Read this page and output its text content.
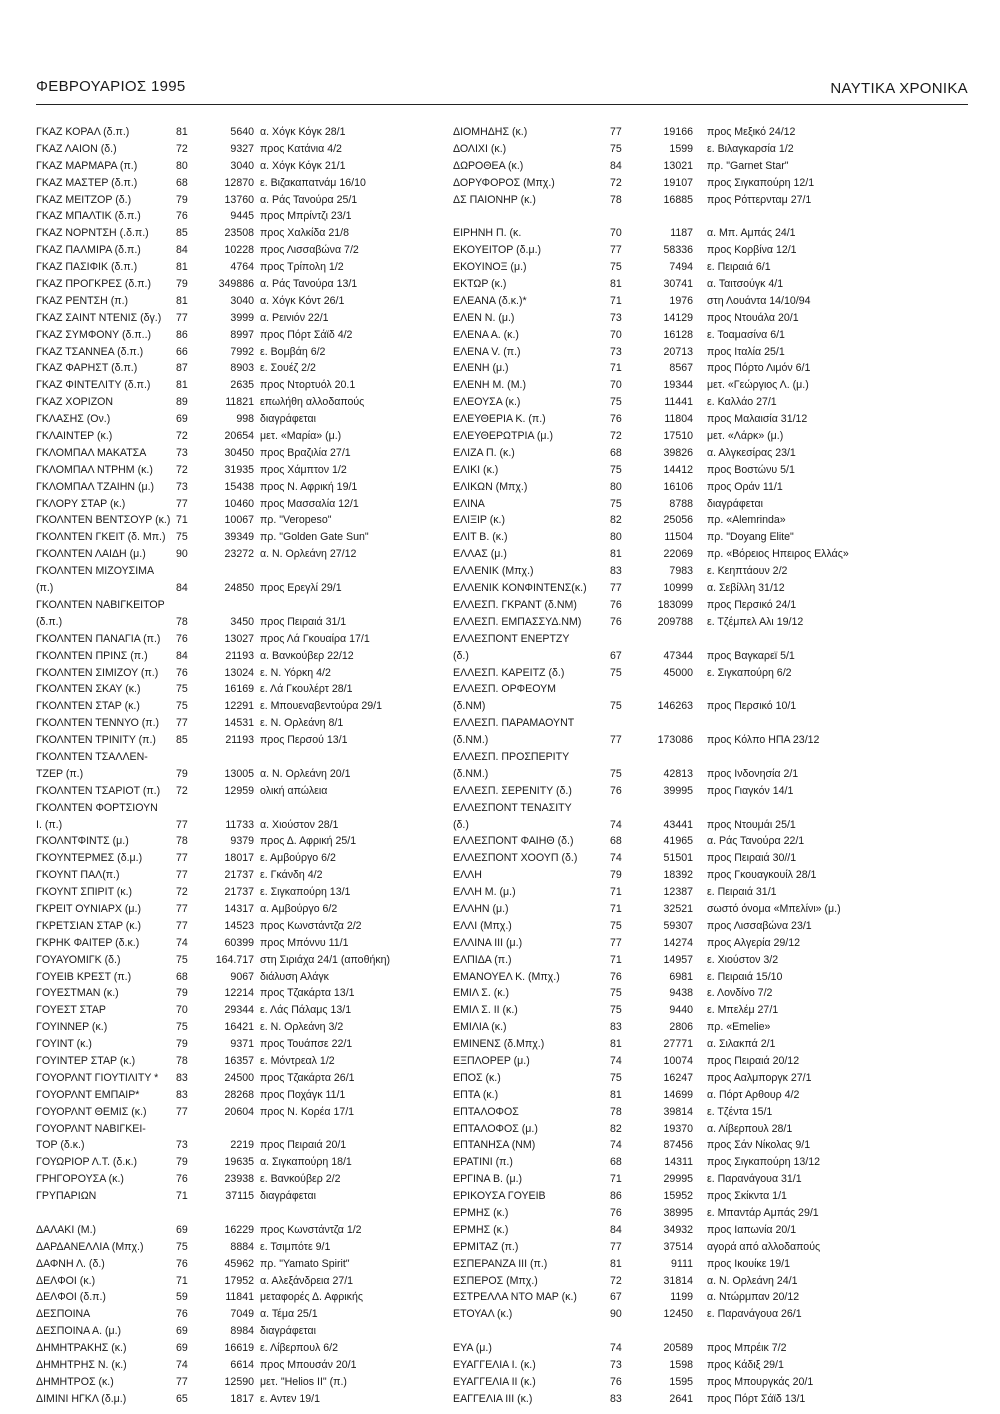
ΦΕΒΡΟΥΑΡΙΟΣ 1995	ΝΑΥΤΙΚΑ ΧΡΟΝΙΚΑ
ΓΚΑΖ ΚΟΡΑΛ (δ.π.)	81	5640 α. Χόγκ Κόγκ 28/1
ΓΚΑΖ ΛΑΙΟΝ (δ.)	72	9327 προς Κατάνια 4/2
ΓΚΑΖ ΜΑΡΜΑΡΑ (π.)	80	3040 α. Χόγκ Κόγκ 21/1
ΓΚΑΖ ΜΑΣΤΕΡ (δ.π.)	68	12870 ε. Βιζακαπατνάμ 16/10
ΓΚΑΖ ΜΕΙΤΖΟΡ (δ.)	79	13760 α. Ράς Τανούρα 25/1
ΓΚΑΖ ΜΠΑΛΤΙΚ (δ.π.)	76	9445 προς Μπρίντζι 23/1
ΓΚΑΖ ΝΟΡΝΤΣΗ (.δ.π.)	85	23508 προς Χαλκίδα 21/8
ΓΚΑΖ ΠΑΛΜΙΡΑ (δ.π.)	84	10228 προς Λισσαβώνα 7/2
ΓΚΑΖ ΠΑΣΙΦΙΚ (δ.π.)	81	4764 προς Τρίπολη 1/2
ΓΚΑΖ ΠΡΟΓΚΡΕΣ (δ.π.) 79	349886 α. Ράς Τανούρα 13/1
ΓΚΑΖ ΡΕΝΤΣΗ (π.)	81	3040 α. Χόγκ Κόντ 26/1
ΓΚΑΖ ΣΑΙΝΤ ΝΤΕΝΙΣ (δγ.) 77	3999 α. Ρεινιόν 22/1
ΓΚΑΖ ΣΥΜΦΟΝΥ (δ.π..) 86	8997 προς Πόρτ Σάϊδ 4/2
ΓΚΑΖ ΤΣΑΝΝΕΑ (δ.π.)	66	7992 ε. Βομβάη 6/2
ΓΚΑΖ ΦΑΡΗΣΤ (δ.π.)	87	8903 ε. Σουέζ 2/2
ΓΚΑΖ ΦΙΝΤΕΛΙΤΥ (δ.π.) 81	2635 προς Ντορτυόλ 20.1
ΓΚΑΖ ΧΟΡΙΖΟΝ	89	11821 επωλήθη αλλοδαπούς
ΓΚΛΑΣΗΣ (Ον.)	69	998 διαγράφεται
ΓΚΛΑΙΝΤΕΡ (κ.)	72	20654 μετ. «Μαρία» (μ.)
ΓΚΛΟΜΠΑΛ ΜΑΚΑΤΣΑ	73	30450 προς Βραζιλία 27/1
ΓΚΛΟΜΠΑΛ ΝΤΡΗΜ (κ.) 72	31935 προς Χάμπτον 1/2
ΓΚΛΟΜΠΑΛ ΤΖΑΙΗΝ (μ.) 73	15438 προς Ν. Αφρική 19/1
ΓΚΛΟΡΥ ΣΤΑΡ (κ.)	77	10460 προς Μασσαλία 12/1
ΓΚΟΛΝΤΕΝ ΒΕΝΤΣΟΥΡ (κ.) 71	10067 πρ. "Veropeso"
ΓΚΟΛΝΤΕΝ ΓΚΕΙΤ (δ. Μπ.) 75	39349 πρ. "Golden Gate Sun"
ΓΚΟΛΝΤΕΝ ΛΑΙΔΗ (μ.)	90	23272 α. Ν. Ορλεάνη 27/12
ΓΚΟΛΝΤΕΝ ΜΙΖΟΥΣΙΜΑ
(π.)	84	24850 προς Ερεγλί 29/1
ΓΚΟΛΝΤΕΝ ΝΑΒΙΓΚΕΙΤΟΡ
(δ.π.)	78	3450 προς Πειραιά 31/1
ΓΚΟΛΝΤΕΝ ΠΑΝΑΓΙΑ (π.) 76	13027 προς Λά Γκουαίρα 17/1
ΓΚΟΛΝΤΕΝ ΠΡΙΝΣ (π.)	84	21193 α. Βανκούβερ 22/12
ΓΚΟΛΝΤΕΝ ΣΙΜΙΖΟΥ (π.) 76	13024 ε. Ν. Υόρκη 4/2
ΓΚΟΛΝΤΕΝ ΣΚΑΥ (κ.)	75	16169 ε. Λά Γκουλέρτ 28/1
ΓΚΟΛΝΤΕΝ ΣΤΑΡ (κ.)	75	12291 ε. Μπουεναβεντούρα 29/1
ΓΚΟΛΝΤΕΝ ΤΕΝΝΥΟ (π.) 77	14531 ε. Ν. Ορλεάνη 8/1
ΓΚΟΛΝΤΕΝ ΤΡΙΝΙΤΥ (π.) 85	21193 προς Περσού 13/1
ΓΚΟΛΝΤΕΝ ΤΣΑΛΛΕΝ-
ΤΖΕΡ (π.)	79	13005 α. Ν. Ορλεάνη 20/1
ΓΚΟΛΝΤΕΝ ΤΣΑΡΙΟΤ (π.) 72	12959 ολική απώλεια
ΓΚΟΛΝΤΕΝ ΦΟΡΤΣΙΟΥΝ
Ι. (π.)	77	11733 α. Χιούστον 28/1
ΓΚΟΛΝΤΦΙΝΤΣ (μ.)	78	9379 προς Δ. Αφρική 25/1
ΓΚΟΥΝΤΕΡΜΕΣ (δ.μ.)	77	18017 ε. Αμβούργο 6/2
ΓΚΟΥΝΤ ΠΑΛ(π.)	77	21737 ε. Γκάνδη 4/2
ΓΚΟΥΝΤ ΣΠΙΡΙΤ (κ.)	72	21737 ε. Σιγκαπούρη 13/1
ΓΚΡΕΙΤ ΟΥΝΙΑΡΧ (μ.)	77	14317 α. Αμβούργο 6/2
ΓΚΡΕΤΣΙΑΝ ΣΤΑΡ (κ.)	77	14523 προς Κωνστάντζα 2/2
ΓΚΡΗΚ ΦΑΙΤΕΡ (δ.κ.)	74	60399 προς Μπόννυ 11/1
ΓΟΥΑΥΟΜΙΓΚ (δ.)	75	164.717 στη Σιριάχα 24/1 (αποθήκη)
ΓΟΥΕΙΒ ΚΡΕΣΤ (π.)	68	9067 διάλυση Αλάγκ
ΓΟΥΕΣΤΜΑΝ (κ.)	79	12214 προς Τζακάρτα 13/1
ΓΟΥΕΣΤ ΣΤΑΡ	70	29344 ε. Λάς Πάλαμς 13/1
ΓΟΥΙΝΝΕΡ (κ.)	75	16421 ε. Ν. Ορλεάνη 3/2
ΓΟΥΙΝΤ (κ.)	79	9371 προς Τουάπσε 22/1
ΓΟΥΙΝΤΕΡ ΣΤΑΡ (κ.)	78	16357 ε. Μόντρεαλ 1/2
ΓΟΥΟΡΛΝΤ ΓΙΟΥΤΙΛΙΤΥ * 83	24500 προς Τζακάρτα 26/1
ΓΟΥΟΡΛΝΤ ΕΜΠΑΙΡ*	83	28268 προς Ποχάγκ 11/1
ΓΟΥΟΡΛΝΤ ΘΕΜΙΣ (κ.)	77	20604 προς Ν. Κορέα 17/1
ΓΟΥΟΡΛΝΤ ΝΑΒΙΓΚΕΙ-
ΤΟΡ (δ.κ.)	73	2219 προς Πειραιά 20/1
ΓΟΥΩΡΙΟΡ Λ.Τ. (δ.κ.)	79	19635 α. Σιγκαπούρη 18/1
ΓΡΗΓΟΡΟΥΣΑ (κ.)	76	23938 ε. Βανκούβερ 2/2
ΓΡΥΠΑΡΙΩΝ	71	37115 διαγράφεται
ΔΑΛΑΚΙ (Μ.)	69	16229 προς Κωνστάντζα 1/2
ΔΑΡΔΑΝΕΛΛΙΑ (Μπχ.)	75	8884 ε. Τσιμπότε 9/1
ΔΑΦΝΗ Λ. (δ.)	76	45962 πρ. "Yamato Spirit"
ΔΕΛΦΟΙ (κ.)	71	17952 α. Αλεξάνδρεια 27/1
ΔΕΛΦΟΙ (δ.π.)	59	11841 μεταφορές Δ. Αφρικής
ΔΕΣΠΟΙΝΑ	76	7049 α. Τέμα 25/1
ΔΕΣΠΟΙΝΑ Α. (μ.)	69	8984 διαγράφεται
ΔΗΜΗΤΡΑΚΗΣ (κ.)	69	16619 ε. Λίβερπουλ 6/2
ΔΗΜΗΤΡΗΣ Ν. (κ.)	74	6614 προς Μπουσάν 20/1
ΔΗΜΗΤΡΟΣ (κ.)	77	12590 μετ. "Helios II" (π.)
ΔΙΜΙΝΙ ΗΓΚΛ (δ.μ.)	65	1817 ε. Αντεν 19/1
ΔΙΟΜΗΔΗΣ (κ.)	77	19166 προς Μεξικό 24/12
ΔΟΛΙΧΙ (κ.)	75	1599 ε. Βιλαγκαρσία 1/2
ΔΩΡΟΘΕΑ (κ.)	84	13021 πρ. "Garnet Star"
ΔΟΡΥΦΟΡΟΣ (Μπχ.)	72	19107 προς Σιγκαπούρη 12/1
ΔΣ ΠΑΙΟΝΗΡ (κ.)	78	16885 προς Ρόττερνταμ 27/1
ΕΙΡΗΝΗ Π. (κ.	70	1187 α. Μπ. Αμπάς 24/1
ΕΚΟΥΕΙΤΟΡ (δ.μ.)	77	58336 προς Κορβίνα 12/1
ΕΚΟΥΙΝΟΞ (μ.)	75	7494 ε. Πειραιά 6/1
ΕΚΤΩΡ (κ.)	81	30741 α. Ταιτσούγκ 4/1
ΕΛΕΑΝΑ (δ.κ.)*	71	1976 στη Λουάντα 14/10/94
ΕΛΕΝ Ν. (μ.)	73	14129 προς Ντουάλα 20/1
ΕΛΕΝΑ Α. (κ.)	70	16128 ε. Τοαμασίνα 6/1
ΕΛΕΝΑ V. (π.)	73	20713 προς Ιταλία 25/1
ΕΛΕΝΗ (μ.)	71	8567 προς Πόρτο Λιμόν 6/1
ΕΛΕΝΗ Μ. (Μ.)	70	19344 μετ. «Γεώργιος Λ. (μ.)
ΕΛΕΟΥΣΑ (κ.)	75	11441 ε. Καλλάο 27/1
ΕΛΕΥΘΕΡΙΑ Κ. (π.)	76	11804 προς Μαλαισία 31/12
ΕΛΕΥΘΕΡΩΤΡΙΑ (μ.)	72	17510 μετ. «Λάρκ» (μ.)
ΕΛΙΖΑ Π. (κ.)	68	39826 α. Αλγκεσίρας 23/1
ΕΛΙΚΙ (κ.)	75	14412 προς Βοστώνυ 5/1
ΕΛΙΚΩΝ (Μπχ.)	80	16106 προς Οράν 11/1
ΕΛΙΝΑ	75	8788 διαγράφεται
ΕΛΙΞΙΡ (κ.)	82	25056 πρ. «Alemrinda»
ΕΛΙΤ Β. (κ.)	80	11504 πρ. "Doyang Elite"
ΕΛΛΑΣ (μ.)	81	22069 πρ. «Βόρειος Ηπειρος Ελλάς»
ΕΛΛΕΝΙΚ (Μπχ.)	83	7983 ε. Κεηπτάουν 2/2
ΕΛΛΕΝΙΚ ΚΟΝΦΙΝΤΕΝΣ(κ.) 77	10999 α. Σεβίλλη 31/12
ΕΛΛΕΣΠ. ΓΚΡΑΝΤ (δ.ΝΜ)	76	183099 προς Περσικό 24/1
ΕΛΛΕΣΠ. ΕΜΠΑΣΣΥΔ.ΝΜ)	76	209788 ε. Τζέμπελ Αλι 19/12
ΕΛΛΕΣΠΟΝΤ ΕΝΕΡΤΖΥ
(δ.)	67	47344 προς Βαγκαρεϊ 5/1
ΕΛΛΕΣΠ. ΚΑΡΕΙΤΖ (δ.)	75	45000 ε. Σιγκαπούρη 6/2
ΕΛΛΕΣΠ. ΟΡΦΕΟΥΜ
(δ.ΝΜ)	75	146263 προς Περσικό 10/1
ΕΛΛΕΣΠ. ΠΑΡΑΜΑΟΥΝΤ
(δ.ΝΜ.)	77	173086 προς Κόλπο ΗΠΑ 23/12
ΕΛΛΕΣΠ. ΠΡΟΣΠΕΡΙΤΥ
(δ.ΝΜ.)	75	42813 προς Ινδονησία 2/1
ΕΛΛΕΣΠ. ΣΕΡΕΝΙΤΥ (δ.)	76	39995 προς Γιαγκόν 14/1
ΕΛΛΕΣΠΟΝΤ ΤΕΝΑΣΙΤΥ
(δ.)	74	43441 προς Ντουμάι 25/1
ΕΛΛΕΣΠΟΝΤ ΦΑΙΗΘ (δ.)	68	41965 α. Ράς Τανούρα 22/1
ΕΛΛΕΣΠΟΝΤ ΧΟΟΥΠ (δ.)	74	51501 προς Πειραιά 30//1
ΕΛΛΗ	79	18392 προς Γκουαγκουίλ 28/1
ΕΛΛΗ Μ. (μ.)	71	12387 ε. Πειραιά 31/1
ΕΛΛΗΝ (μ.)	71	32521 σωστό όνομα «Μπελίνι» (μ.)
ΕΛΛΙ (Μπχ.)	75	59307 προς Λισσαβώνα 23/1
ΕΛΛΙΝΑ ΙΙΙ (μ.)	77	14274 προς Αλγερία 29/12
ΕΛΠΙΔΑ (π.)	71	14957 ε. Χιούστον 3/2
ΕΜΑΝΟΥΕΛ Κ. (Μπχ.)	76	6981 ε. Πειραιά 15/10
ΕΜΙΛ Σ. (κ.)	75	9438 ε. Λονδίνο 7/2
ΕΜΙΛ Σ. ΙΙ (κ.)	75	9440 ε. Μπελέμ 27/1
ΕΜΙΛΙΑ (κ.)	83	2806 πρ. «Emelie»
ΕΜΙΝΕΝΣ (δ.Μπχ.)	81	27771 α. Σιλακπά 2/1
ΕΞΠΛΟΡΕΡ (μ.)	74	10074 προς Πειραιά 20/12
ΕΠΟΣ (κ.)	75	16247 προς Ααλμποργκ 27/1
ΕΠΤΑ (κ.)	81	14699 α. Πόρτ Αρθουρ 4/2
ΕΠΤΑΛΟΦΟΣ	78	39814 ε. Τζέντα 15/1
ΕΠΤΑΛΟΦΟΣ (μ.)	82	19370 α. Λίβερπουλ 28/1
ΕΠΤΑΝΗΣΑ (ΝΜ)	74	87456 προς Σάν Νίκολας 9/1
ΕΡΑΤΙΝΙ (π.)	68	14311 προς Σιγκαπούρη 13/12
ΕΡΓΙΝΑ Β. (μ.)	71	29995 ε. Παρανάγουα 31/1
ΕΡΙΚΟΥΣΑ ΓΟΥΕΙΒ	86	15952 προς Σκίκντα 1/1
ΕΡΜΗΣ (κ.)	76	38995 ε. Μπαντάρ Αμπάς 29/1
ΕΡΜΗΣ (κ.)	84	34932 προς Ιαπωνία 20/1
ΕΡΜΙΤΑΖ (π.)	77	37514 αγορά από αλλοδαπούς
ΕΣΠΕΡΑΝΖΑ ΙΙΙ (π.)	81	9111 προς Ικουίκε 19/1
ΕΣΠΕΡΟΣ (Μπχ.)	72	31814 α. Ν. Ορλεάνη 24/1
ΕΣΤΡΕΛΛΑ ΝΤΟ ΜΑΡ (κ.)	67	1199 α. Ντώρμπαν 20/12
ΕΤΟΥΑΛ (κ.)	90	12450 ε. Παρανάγουα 26/1
ΕΥΑ (μ.)	74	20589 προς Μπρέικ 7/2
ΕΥΑΓΓΕΛΙΑ Ι. (κ.)	73	1598 προς Κάδιξ 29/1
ΕΥΑΓΓΕΛΙΑ ΙΙ (κ.)	76	1595 προς Μπουργκάς 20/1
ΕΑΓΓΕΛΙΑ ΙΙΙ (κ.)	83	2641 προς Πόρτ Σάϊδ 13/1
